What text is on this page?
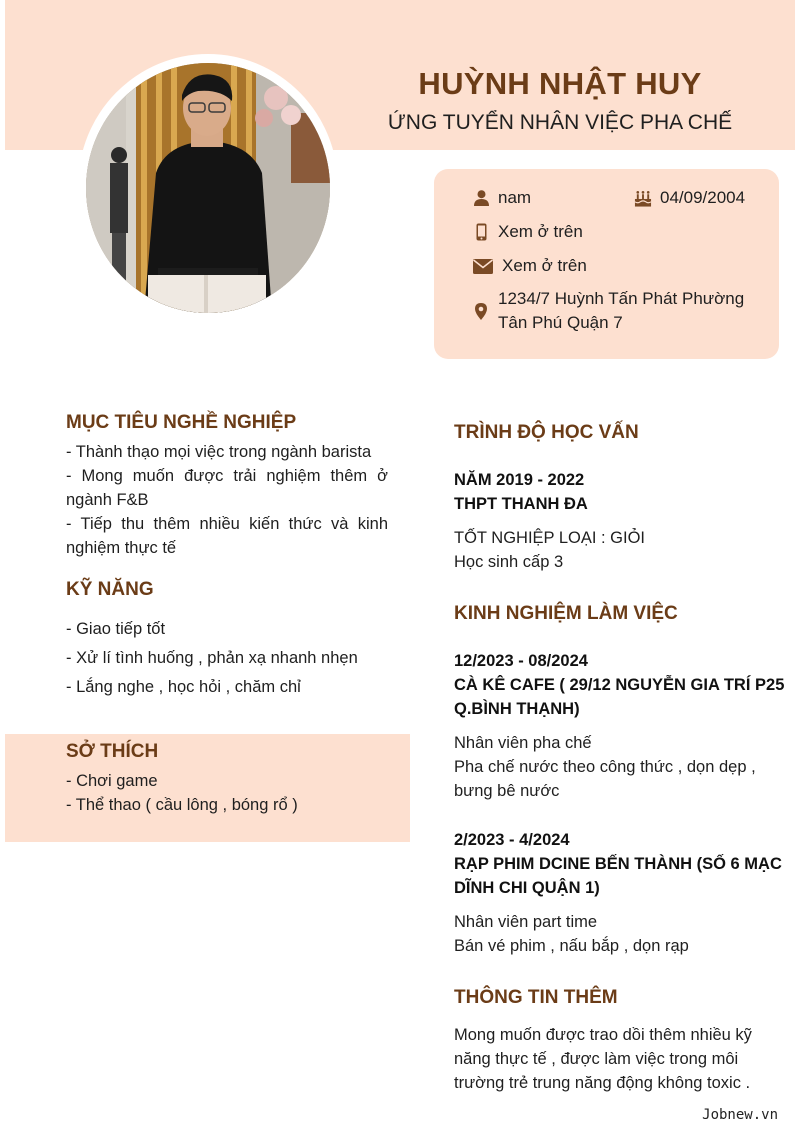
HUỲNH NHẬT HUY
ỨNG TUYỂN NHÂN VIỆC PHA CHẾ
nam	04/09/2004
Xem ở trên
Xem ở trên
1234/7 Huỳnh Tấn Phát Phường
Tân Phú Quận 7
MỤC TIÊU NGHỀ NGHIỆP
- Thành thạo mọi việc trong ngành barista
- Mong muốn được trải nghiệm thêm ở ngành F&B
- Tiếp thu thêm nhiều kiến thức và kinh nghiệm thực tế
KỸ NĂNG
- Giao tiếp tốt
- Xử lí tình huống , phản xạ nhanh nhẹn
- Lắng nghe , học hỏi , chăm chỉ
SỞ THÍCH
- Chơi game
- Thể thao ( cầu lông , bóng rổ )
TRÌNH ĐỘ HỌC VẤN
NĂM 2019 - 2022
THPT THANH ĐA
TỐT NGHIỆP LOẠI : GIỎI
Học sinh cấp 3
KINH NGHIỆM LÀM VIỆC
12/2023 - 08/2024
CÀ KÊ CAFE ( 29/12 NGUYỄN GIA TRÍ P25
Q.BÌNH THẠNH)
Nhân viên pha chế
Pha chế nước theo công thức , dọn dẹp ,
bưng bê nước
2/2023 - 4/2024
RẠP PHIM DCINE BẾN THÀNH (SỐ 6 MẠC
DĨNH CHI QUẬN 1)
Nhân viên part time
Bán vé phim , nấu bắp , dọn rạp
THÔNG TIN THÊM
Mong muốn được trao dồi thêm nhiều kỹ
năng thực tế , được làm việc trong môi
trường trẻ trung năng động không toxic .
Jobnew.vn
